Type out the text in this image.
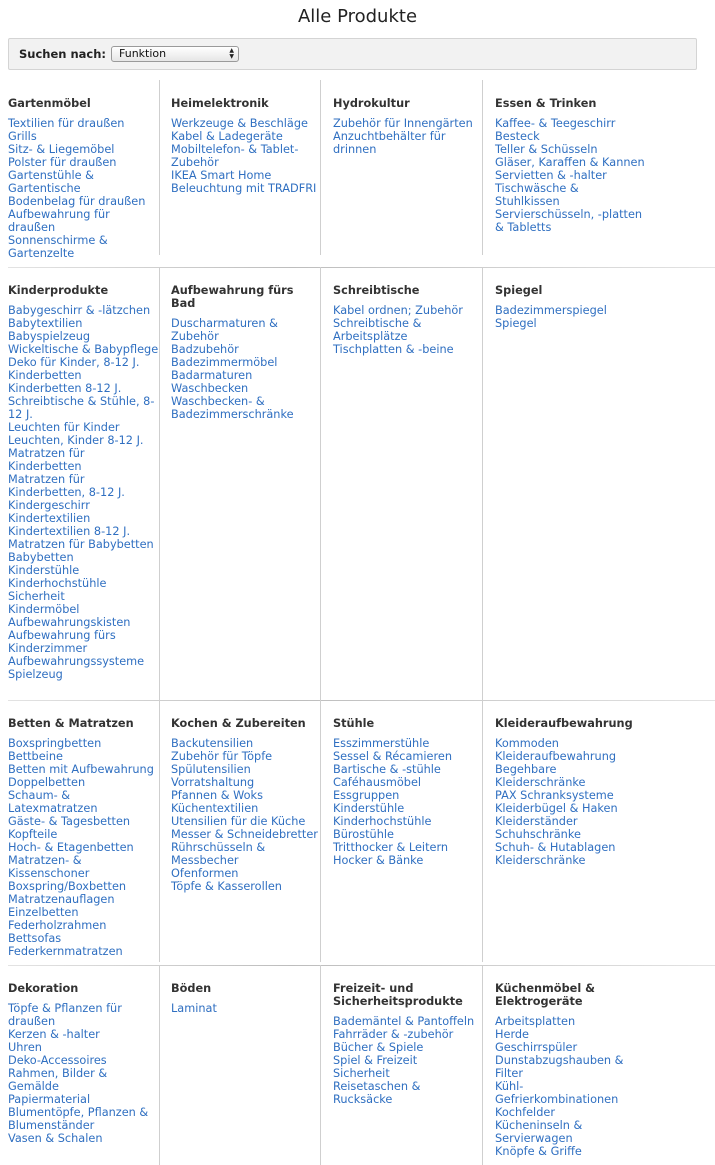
Alle Produkte
Suchen nach:	Funktion	▲
▼
Gartenmöbel
Textilien für draußen
Grills
Sitz- & Liegemöbel
Polster für draußen
Gartenstühle & Gartentische
Bodenbelag für draußen
Aufbewahrung für draußen
Sonnenschirme & Gartenzelte
Heimelektronik
Werkzeuge & Beschläge
Kabel & Ladegeräte
Mobiltelefon- & Tablet-Zubehör
IKEA Smart Home Beleuchtung mit TRADFRI
Hydrokultur
Zubehör für Innengärten
Anzuchtbehälter für drinnen
Essen & Trinken
Kaffee- & Teegeschirr
Besteck
Teller & Schüsseln
Gläser, Karaffen & Kannen
Servietten & -halter
Tischwäsche & Stuhlkissen
Servierschüsseln, -platten & Tabletts
Kinderprodukte
Babygeschirr & -lätzchen
Babytextilien
Babyspielzeug
Wickeltische & Babypflege
Deko für Kinder, 8-12 J.
Kinderbetten
Kinderbetten 8-12 J.
Schreibtische & Stühle, 8-12 J.
Leuchten für Kinder
Leuchten, Kinder 8-12 J.
Matratzen für Kinderbetten
Matratzen für Kinderbetten, 8-12 J.
Kindergeschirr
Kindertextilien
Kindertextilien 8-12 J.
Matratzen für Babybetten
Babybetten
Kinderstühle
Kinderhochstühle
Sicherheit
Kindermöbel
Aufbewahrungskisten
Aufbewahrung fürs Kinderzimmer
Aufbewahrungssysteme
Spielzeug
Aufbewahrung fürs Bad
Duscharmaturen & Zubehör
Badzubehör
Badezimmermöbel
Badarmaturen
Waschbecken
Waschbecken- & Badezimmerschränke
Schreibtische
Kabel ordnen; Zubehör
Schreibtische & Arbeitsplätze
Tischplatten & -beine
Spiegel
Badezimmerspiegel
Spiegel
Betten & Matratzen
Boxspringbetten
Bettbeine
Betten mit Aufbewahrung
Doppelbetten
Schaum- & Latexmatratzen
Gäste- & Tagesbetten
Kopfteile
Hoch- & Etagenbetten
Matratzen- & Kissenschoner
Boxspring/Boxbetten
Matratzenauflagen
Einzelbetten
Federholzrahmen
Bettsofas
Federkernmatratzen
Kochen & Zubereiten
Backutensilien
Zubehör für Töpfe
Spülutensilien
Vorratshaltung
Pfannen & Woks
Küchentextilien
Utensilien für die Küche
Messer & Schneidebretter
Rührschüsseln & Messbecher
Ofenformen
Töpfe & Kasserollen
Stühle
Esszimmerstühle
Sessel & Récamieren
Bartische & -stühle
Caféhausmöbel
Essgruppen
Kinderstühle
Kinderhochstühle
Bürostühle
Tritthocker & Leitern
Hocker & Bänke
Kleideraufbewahrung
Kommoden
Kleideraufbewahrung
Begehbare Kleiderschränke
PAX Schranksysteme
Kleiderbügel & Haken
Kleiderständer
Schuhschränke
Schuh- & Hutablagen
Kleiderschränke
Dekoration
Töpfe & Pflanzen für draußen
Kerzen & -halter
Uhren
Deko-Accessoires
Rahmen, Bilder & Gemälde
Papiermaterial
Blumentöpfe, Pflanzen & Blumenständer
Vasen & Schalen
Böden
Laminat
Freizeit- und Sicherheitsprodukte
Bademäntel & Pantoffeln
Fahrräder & -zubehör
Bücher & Spiele
Spiel & Freizeit
Sicherheit
Reisetaschen & Rucksäcke
Küchenmöbel & Elektrogeräte
Arbeitsplatten
Herde
Geschirrspüler
Dunstabzugshauben & Filter
Kühl-Gefrierkombinationen
Kochfelder
Kücheninseln & Servierwagen
Knöpfe & Griffe
